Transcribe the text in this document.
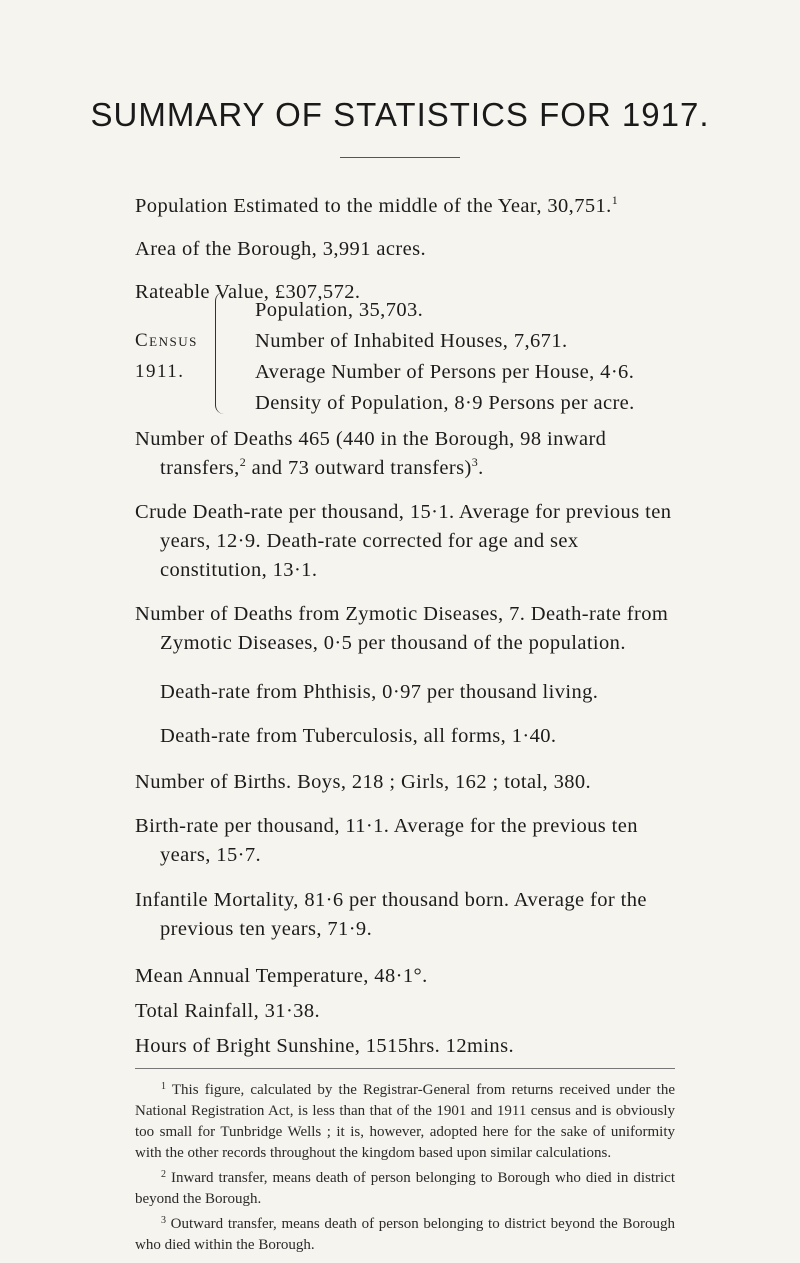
SUMMARY OF STATISTICS FOR 1917.
Population Estimated to the middle of the Year, 30,751.$^1$
Area of the Borough, 3,991 acres.
Rateable Value, £307,572.
Census
1911.
Population, 35,703.
Number of Inhabited Houses, 7,671.
Average Number of Persons per House, 4·6.
Density of Population, 8·9 Persons per acre.

Number of Deaths 465 (440 in the Borough, 98 inward
transfers,$^2$ and 73 outward transfers)$^3$.

Crude Death-rate per thousand, 15·1. Average for previous ten years, 12·9. Death-rate corrected for age and sex constitution, 13·1.

Number of Deaths from Zymotic Diseases, 7. Death-rate from Zymotic Diseases, 0·5 per thousand of the population.

Death-rate from Phthisis, 0·97 per thousand living.
Death-rate from Tuberculosis, all forms, 1·40.
Number of Births. Boys, 218 ; Girls, 162 ; total, 380.

Birth-rate per thousand, 11·1. Average for the previous ten years, 15·7.

Infantile Mortality, 81·6 per thousand born. Average for the previous ten years, 71·9.

Mean Annual Temperature, 48·1°.
Total Rainfall, 31·38.
Hours of Bright Sunshine, 1515hrs. 12mins.
$^1$ This figure, calculated by the Registrar-General from returns received under the National Registration Act, is less than that of the 1901 and 1911 census and is obviously too small for Tunbridge Wells ; it is, however, adopted here for the sake of uniformity with the other records throughout the kingdom based upon similar calculations.
$^2$ Inward transfer, means death of person belonging to Borough who died in district beyond the Borough.
$^3$ Outward transfer, means death of person belonging to district beyond the Borough who died within the Borough.
